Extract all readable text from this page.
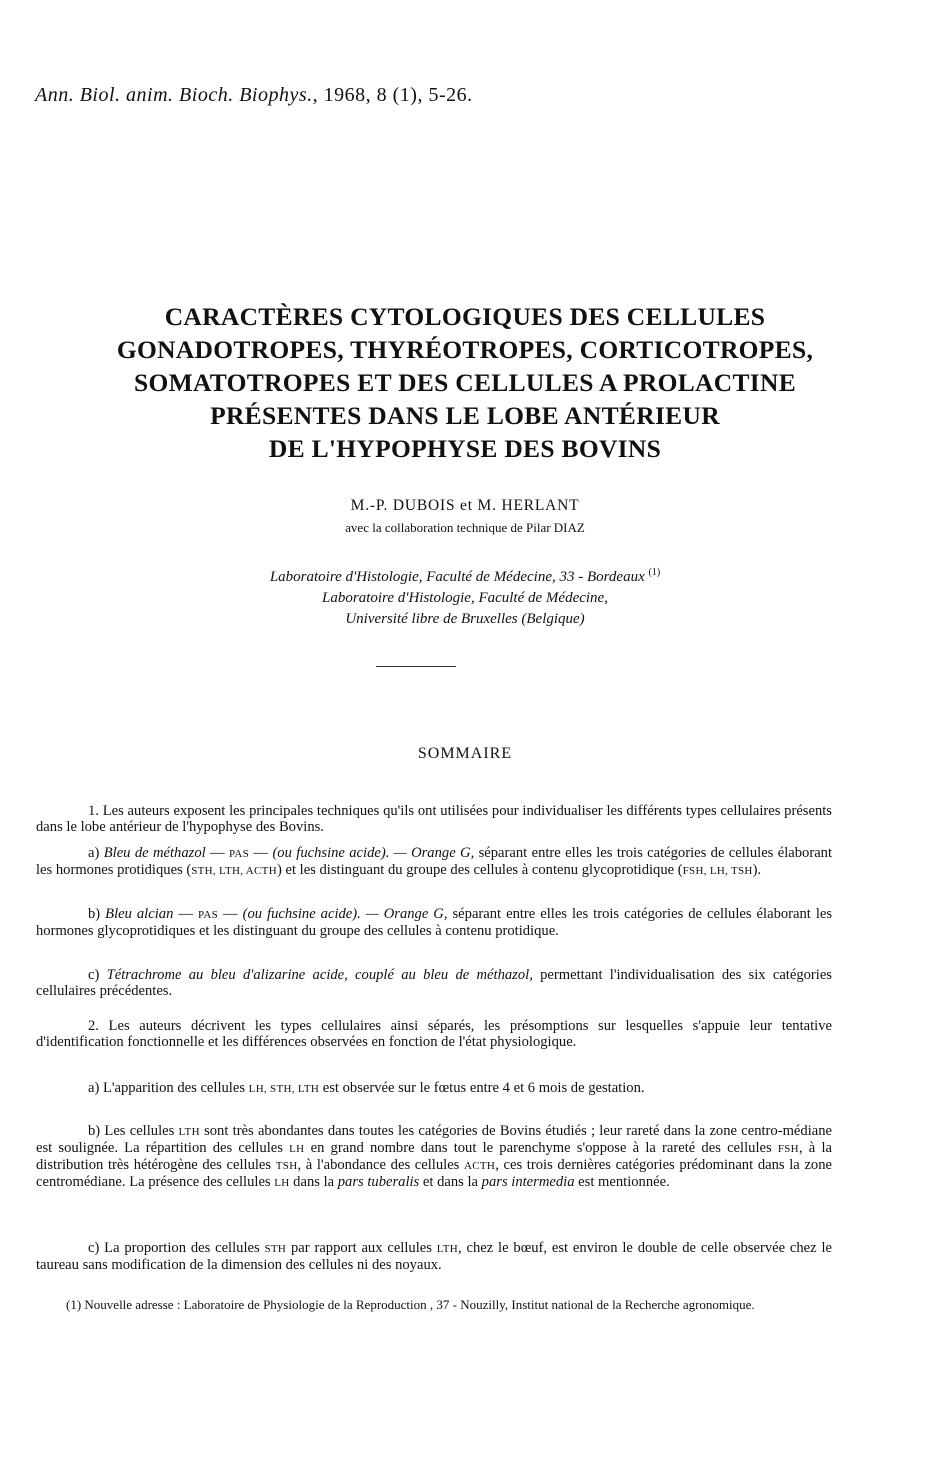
Ann. Biol. anim. Bioch. Biophys., 1968, 8 (1), 5-26.
CARACTÈRES CYTOLOGIQUES DES CELLULES
GONADOTROPES, THYRÉOTROPES, CORTICOTROPES,
SOMATOTROPES ET DES CELLULES A PROLACTINE
PRÉSENTES DANS LE LOBE ANTÉRIEUR
DE L'HYPOPHYSE DES BOVINS
M.-P. DUBOIS et M. HERLANT
avec la collaboration technique de Pilar DIAZ
Laboratoire d'Histologie, Faculté de Médecine, 33 - Bordeaux $^{(1)}$
Laboratoire d'Histologie, Faculté de Médecine,
Université libre de Bruxelles (Belgique)
SOMMAIRE
1. Les auteurs exposent les principales techniques qu'ils ont utilisées pour individualiser les différents types cellulaires présents dans le lobe antérieur de l'hypophyse des Bovins.
a) Bleu de méthazol — PAS — (ou fuchsine acide). — Orange G, séparant entre elles les trois catégories de cellules élaborant les hormones protidiques (STH, LTH, ACTH) et les distinguant du groupe des cellules à contenu glycoprotidique (FSH, LH, TSH).
b) Bleu alcian — PAS — (ou fuchsine acide). — Orange G, séparant entre elles les trois catégories de cellules élaborant les hormones glycoprotidiques et les distinguant du groupe des cellules à contenu protidique.
c) Tétrachrome au bleu d'alizarine acide, couplé au bleu de méthazol, permettant l'individualisation des six catégories cellulaires précédentes.
2. Les auteurs décrivent les types cellulaires ainsi séparés, les présomptions sur lesquelles s'appuie leur tentative d'identification fonctionnelle et les différences observées en fonction de l'état physiologique.
a) L'apparition des cellules LH, STH, LTH est observée sur le fœtus entre 4 et 6 mois de gestation.
b) Les cellules LTH sont très abondantes dans toutes les catégories de Bovins étudiés ; leur rareté dans la zone centro-médiane est soulignée. La répartition des cellules LH en grand nombre dans tout le parenchyme s'oppose à la rareté des cellules FSH, à la distribution très hétérogène des cellules TSH, à l'abondance des cellules ACTH, ces trois dernières catégories prédominant dans la zone centromédiane. La présence des cellules LH dans la pars tuberalis et dans la pars intermedia est mentionnée.
c) La proportion des cellules STH par rapport aux cellules LTH, chez le bœuf, est environ le double de celle observée chez le taureau sans modification de la dimension des cellules ni des noyaux.
(1) Nouvelle adresse : Laboratoire de Physiologie de la Reproduction , 37 - Nouzilly, Institut national de la Recherche agronomique.
